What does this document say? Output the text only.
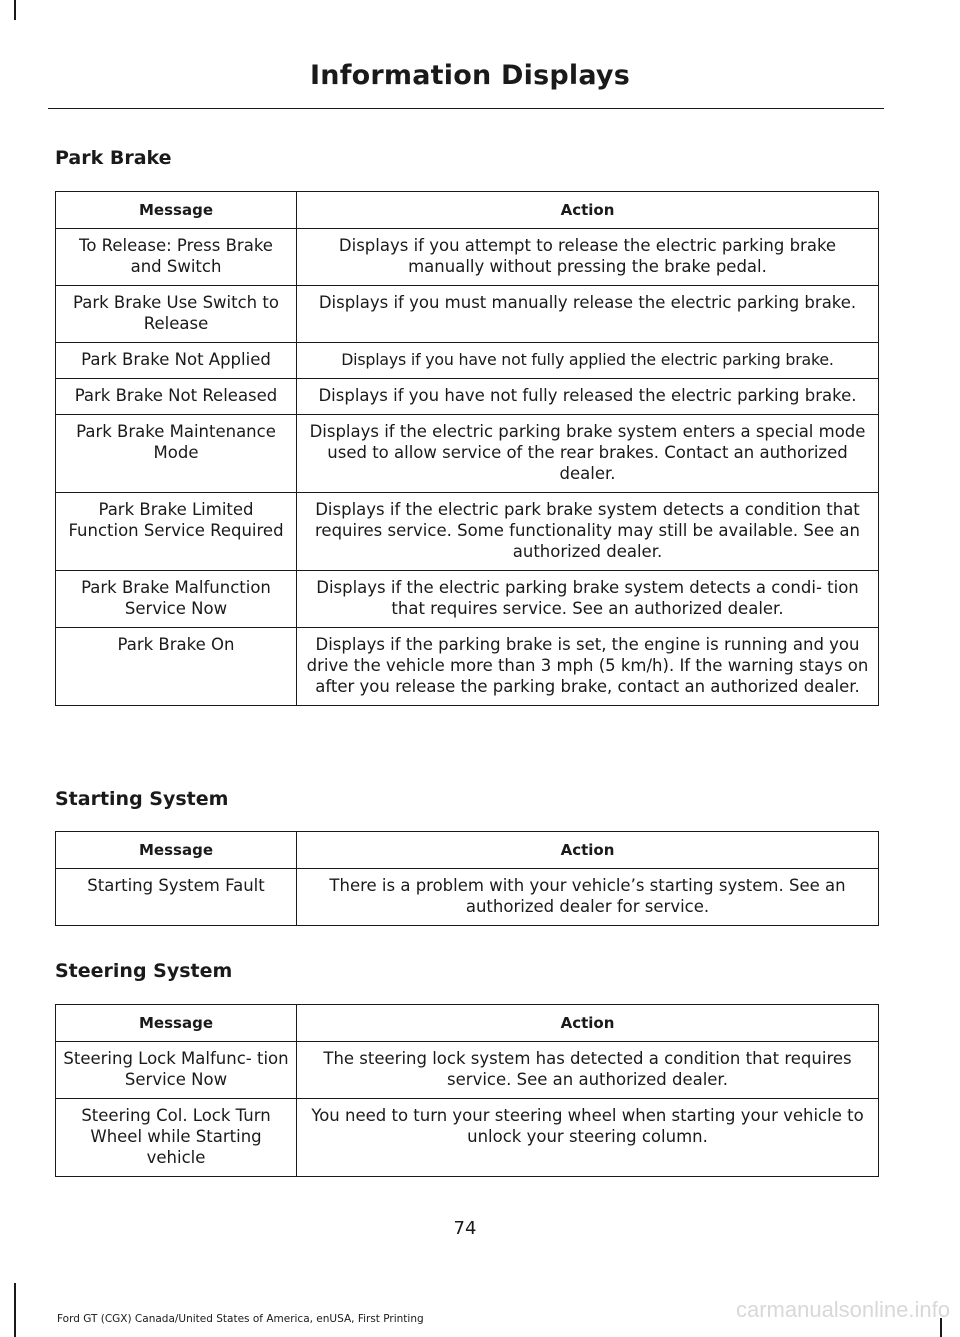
Information Displays
Park Brake
Message	Action
To Release: Press Brake and Switch	Displays if you attempt to release the electric parking brake manually without pressing the brake pedal.
Park Brake Use Switch to Release	Displays if you must manually release the electric parking brake.
Park Brake Not Applied	Displays if you have not fully applied the electric parking brake.
Park Brake Not Released	Displays if you have not fully released the electric parking brake.
Park Brake Maintenance Mode	Displays if the electric parking brake system enters a special mode used to allow service of the rear brakes. Contact an authorized dealer.
Park Brake Limited Function Service Required	Displays if the electric park brake system detects a condition that requires service. Some functionality may still be available. See an authorized dealer.
Park Brake Malfunction Service Now	Displays if the electric parking brake system detects a condi- tion that requires service. See an authorized dealer.
Park Brake On	Displays if the parking brake is set, the engine is running and you drive the vehicle more than 3 mph (5 km/h). If the warning stays on after you release the parking brake, contact an authorized dealer.
Starting System
Message	Action
Starting System Fault	There is a problem with your vehicle’s starting system. See an authorized dealer for service.
Steering System
Message	Action
Steering Lock Malfunc- tion Service Now	The steering lock system has detected a condition that requires service. See an authorized dealer.
Steering Col. Lock Turn Wheel while Starting vehicle	You need to turn your steering wheel when starting your vehicle to unlock your steering column.
74
Ford GT (CGX) Canada/United States of America, enUSA, First Printing	carmanualsonline.info
